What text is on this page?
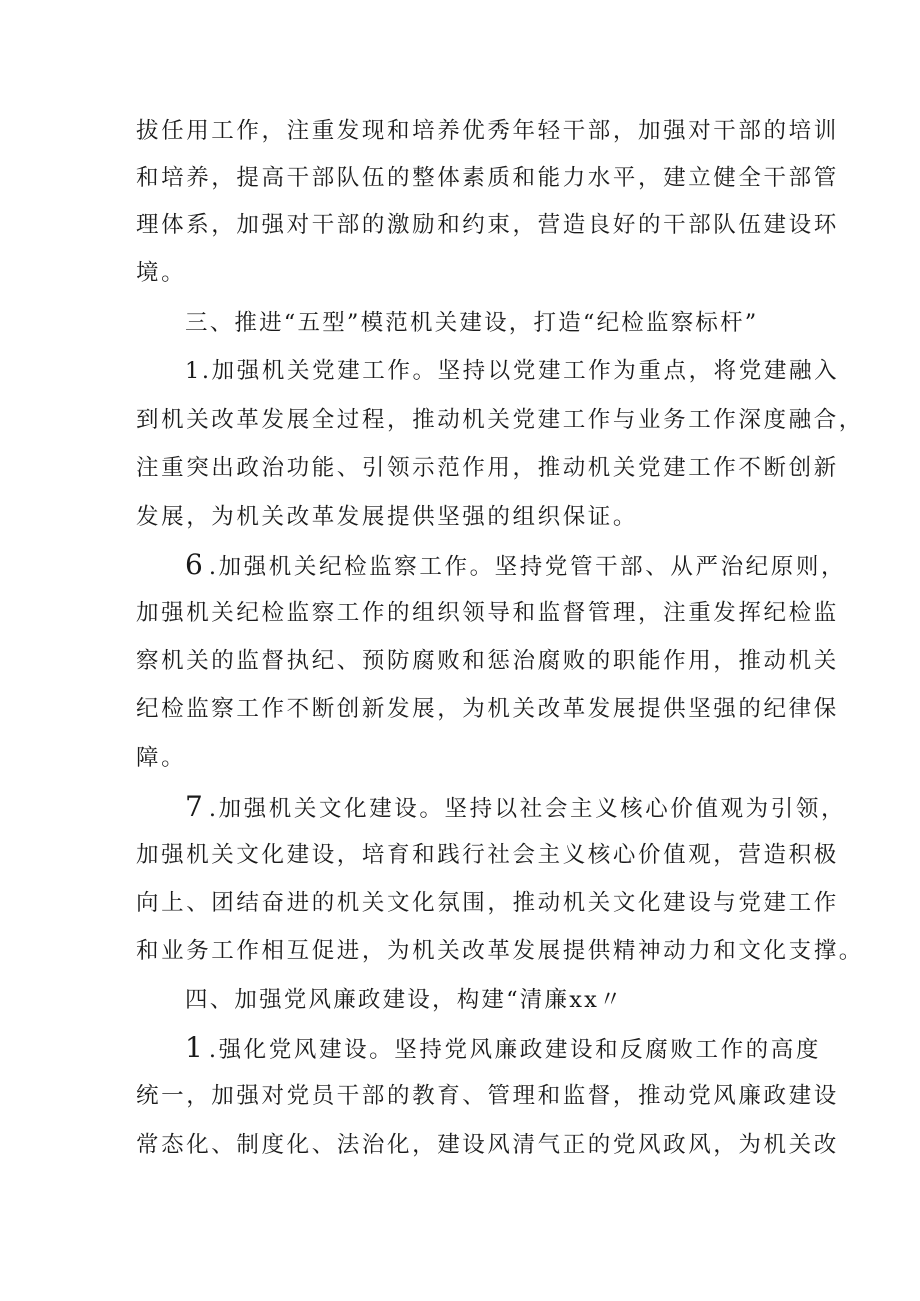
拔任用工作，注重发现和培养优秀年轻干部，加强对干部的培训
和培养，提高干部队伍的整体素质和能力水平，建立健全干部管
理体系，加强对干部的激励和约束，营造良好的干部队伍建设环
境。
三、推进“五型”模范机关建设，打造“纪检监察标杆”
1.加强机关党建工作。坚持以党建工作为重点，将党建融入
到机关改革发展全过程，推动机关党建工作与业务工作深度融合，
注重突出政治功能、引领示范作用，推动机关党建工作不断创新
发展，为机关改革发展提供坚强的组织保证。
6 .加强机关纪检监察工作。坚持党管干部、从严治纪原则，
加强机关纪检监察工作的组织领导和监督管理，注重发挥纪检监
察机关的监督执纪、预防腐败和惩治腐败的职能作用，推动机关
纪检监察工作不断创新发展，为机关改革发展提供坚强的纪律保
障。
7 .加强机关文化建设。坚持以社会主义核心价值观为引领，
加强机关文化建设，培育和践行社会主义核心价值观，营造积极
向上、团结奋进的机关文化氛围，推动机关文化建设与党建工作
和业务工作相互促进，为机关改革发展提供精神动力和文化支撑。
四、加强党风廉政建设，构建“清廉xx〃
1 .强化党风建设。坚持党风廉政建设和反腐败工作的高度
统一，加强对党员干部的教育、管理和监督，推动党风廉政建设
常态化、制度化、法治化，建设风清气正的党风政风，为机关改
